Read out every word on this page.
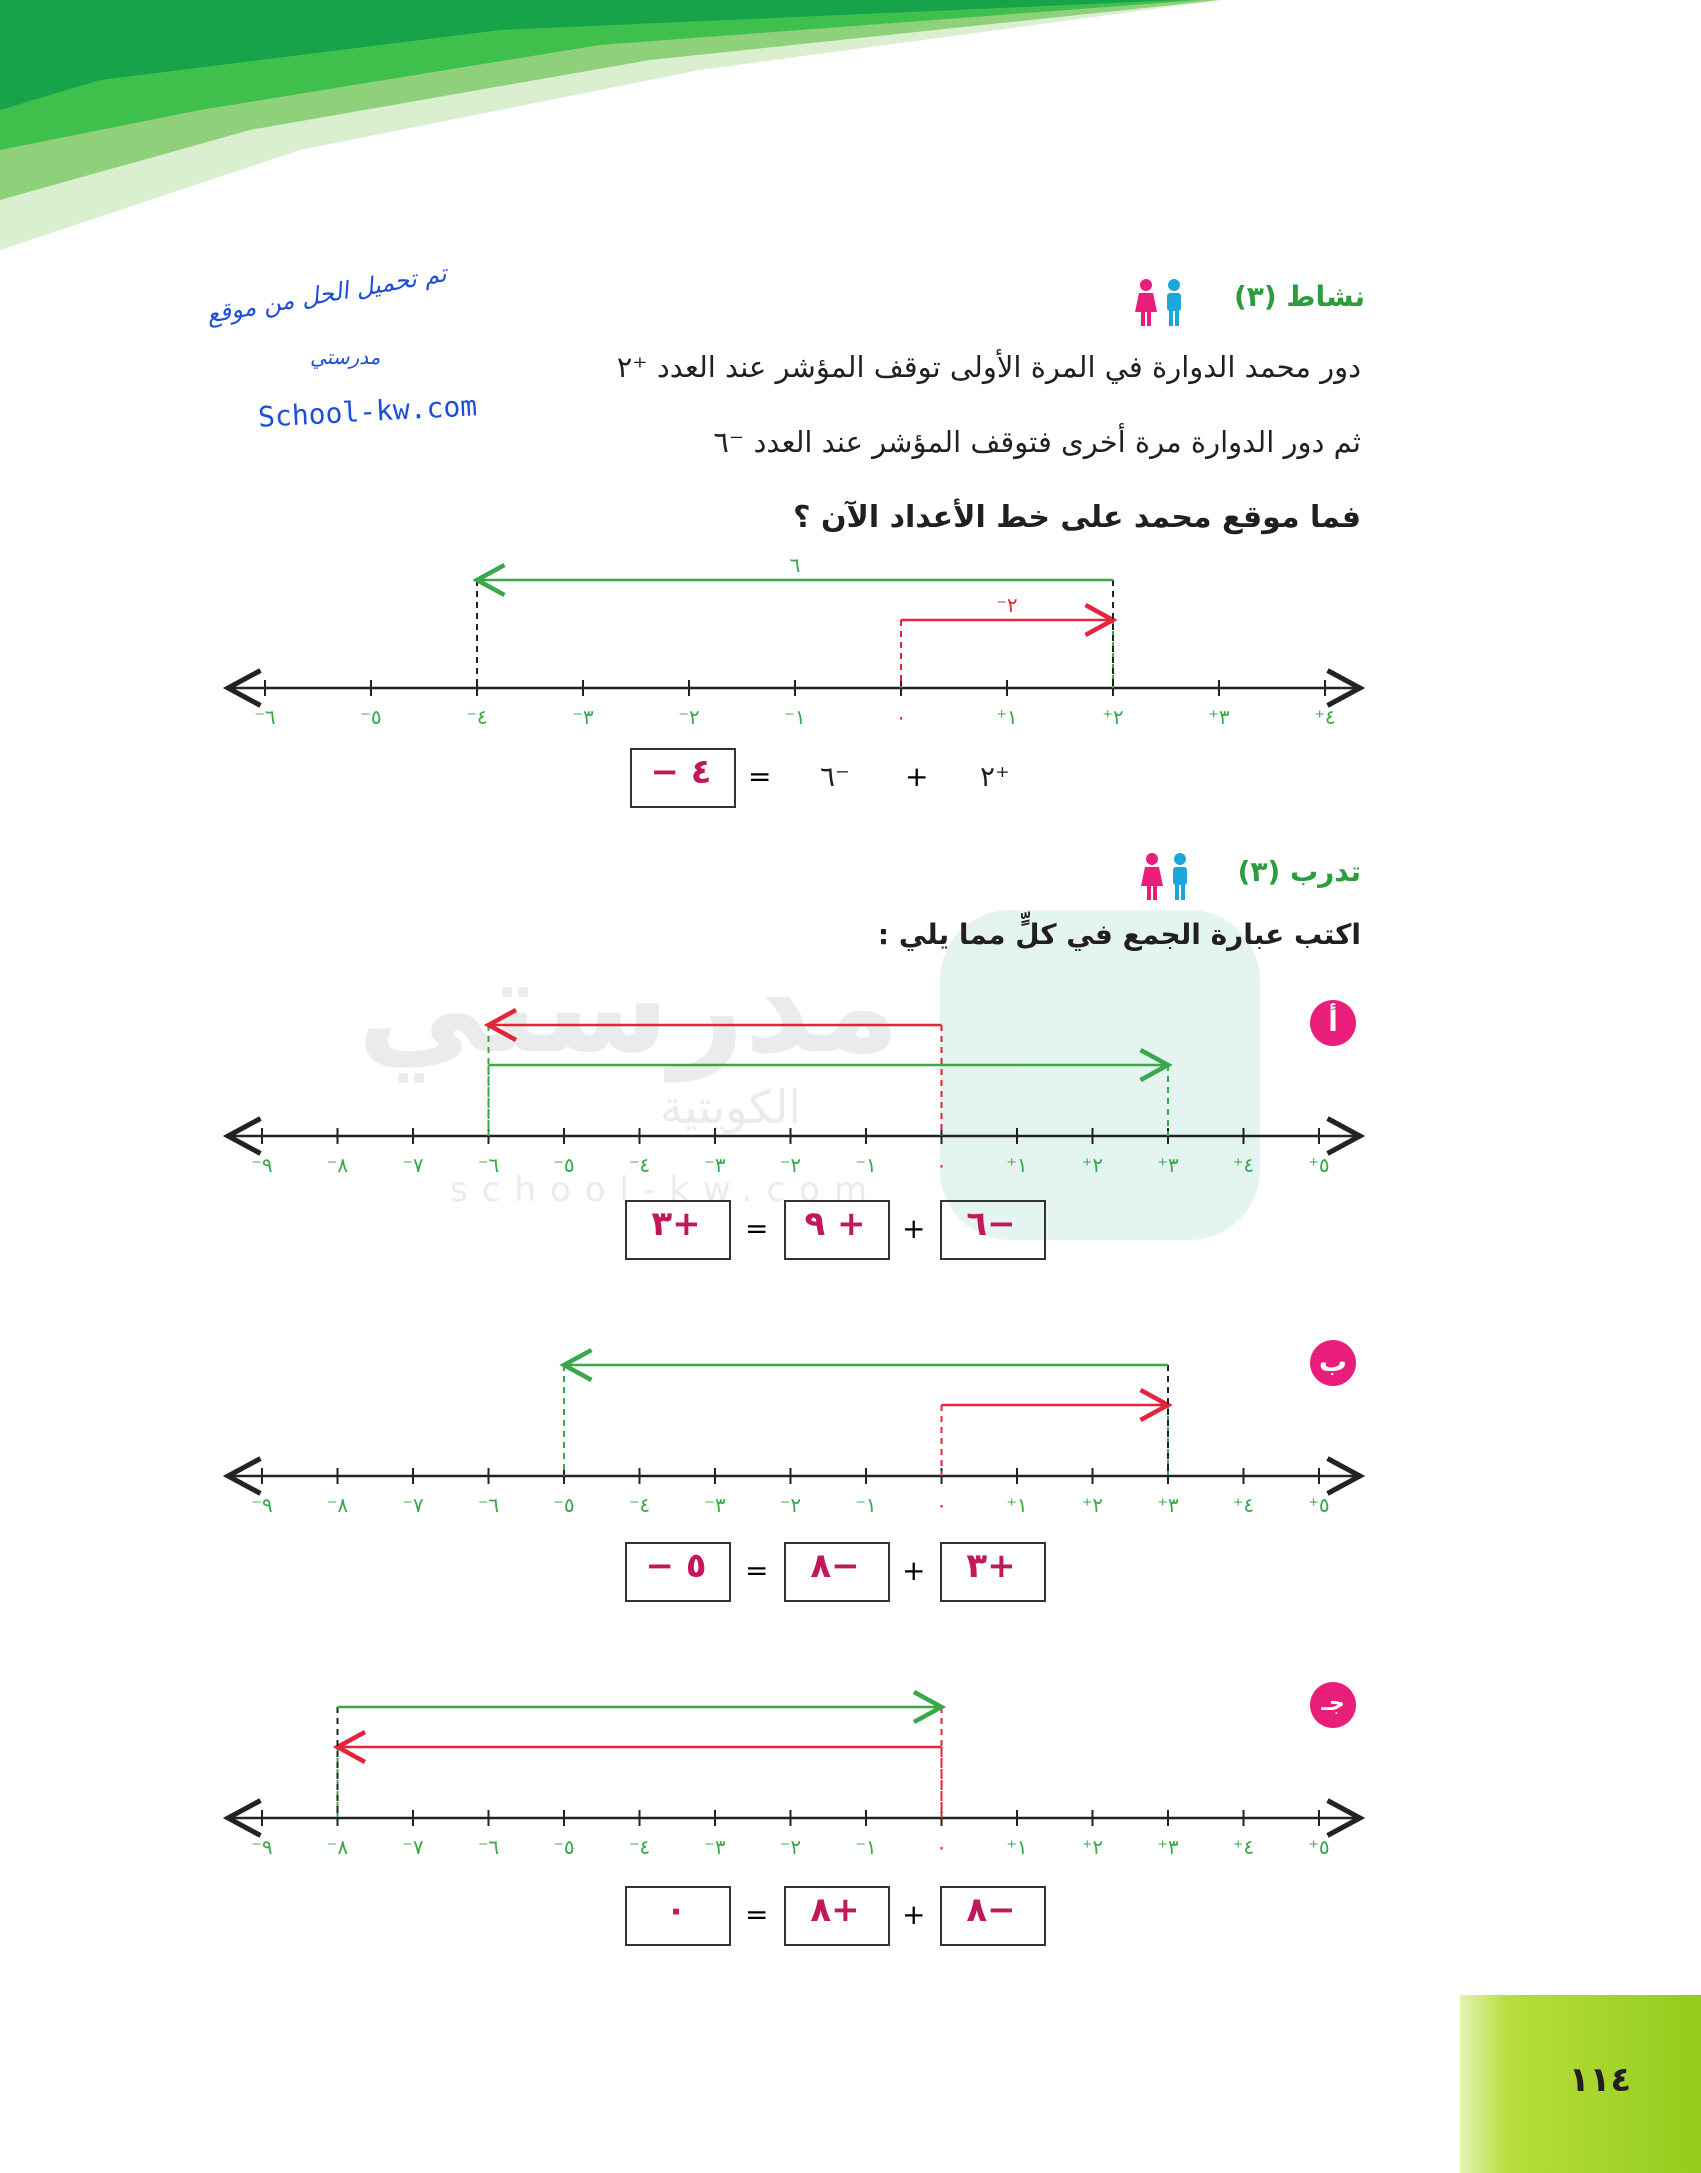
مدرستي
الكويتية
school-kw.com
تم تحميل الحل من موقع
مدرستي
School-kw.com
نشاط (٣)
دور محمد الدوارة في المرة الأولى توقف المؤشر عند العدد ⁺٢
ثم دور الدوارة مرة أخرى فتوقف المؤشر عند العدد ⁻٦
فما موقع محمد على خط الأعداد الآن ؟
⁻٦	⁻٥	⁻٤	⁻٣	⁻٢	⁻١	٠	⁺١	⁺٢	⁺٣	⁺٤
⁻٢
٦
⁺٢
+
⁻٦
=
٤ −
تدرب (٣)
اكتب عبارة الجمع في كلٍّ مما يلي :
أ
⁻٩	⁻٨	⁻٧	⁻٦	⁻٥	⁻٤	⁻٣	⁻٢	⁻١	٠	⁺١	⁺٢	⁺٣	⁺٤	⁺٥
−٦
+
+ ٩
=
+٣
ب
⁻٩	⁻٨	⁻٧	⁻٦	⁻٥	⁻٤	⁻٣	⁻٢	⁻١	٠	⁺١	⁺٢	⁺٣	⁺٤	⁺٥
+٣
+
−٨
=
٥ −
جـ
⁻٩	⁻٨	⁻٧	⁻٦	⁻٥	⁻٤	⁻٣	⁻٢	⁻١	٠	⁺١	⁺٢	⁺٣	⁺٤	⁺٥
−٨
+
+٨
=
٠
١١٤
